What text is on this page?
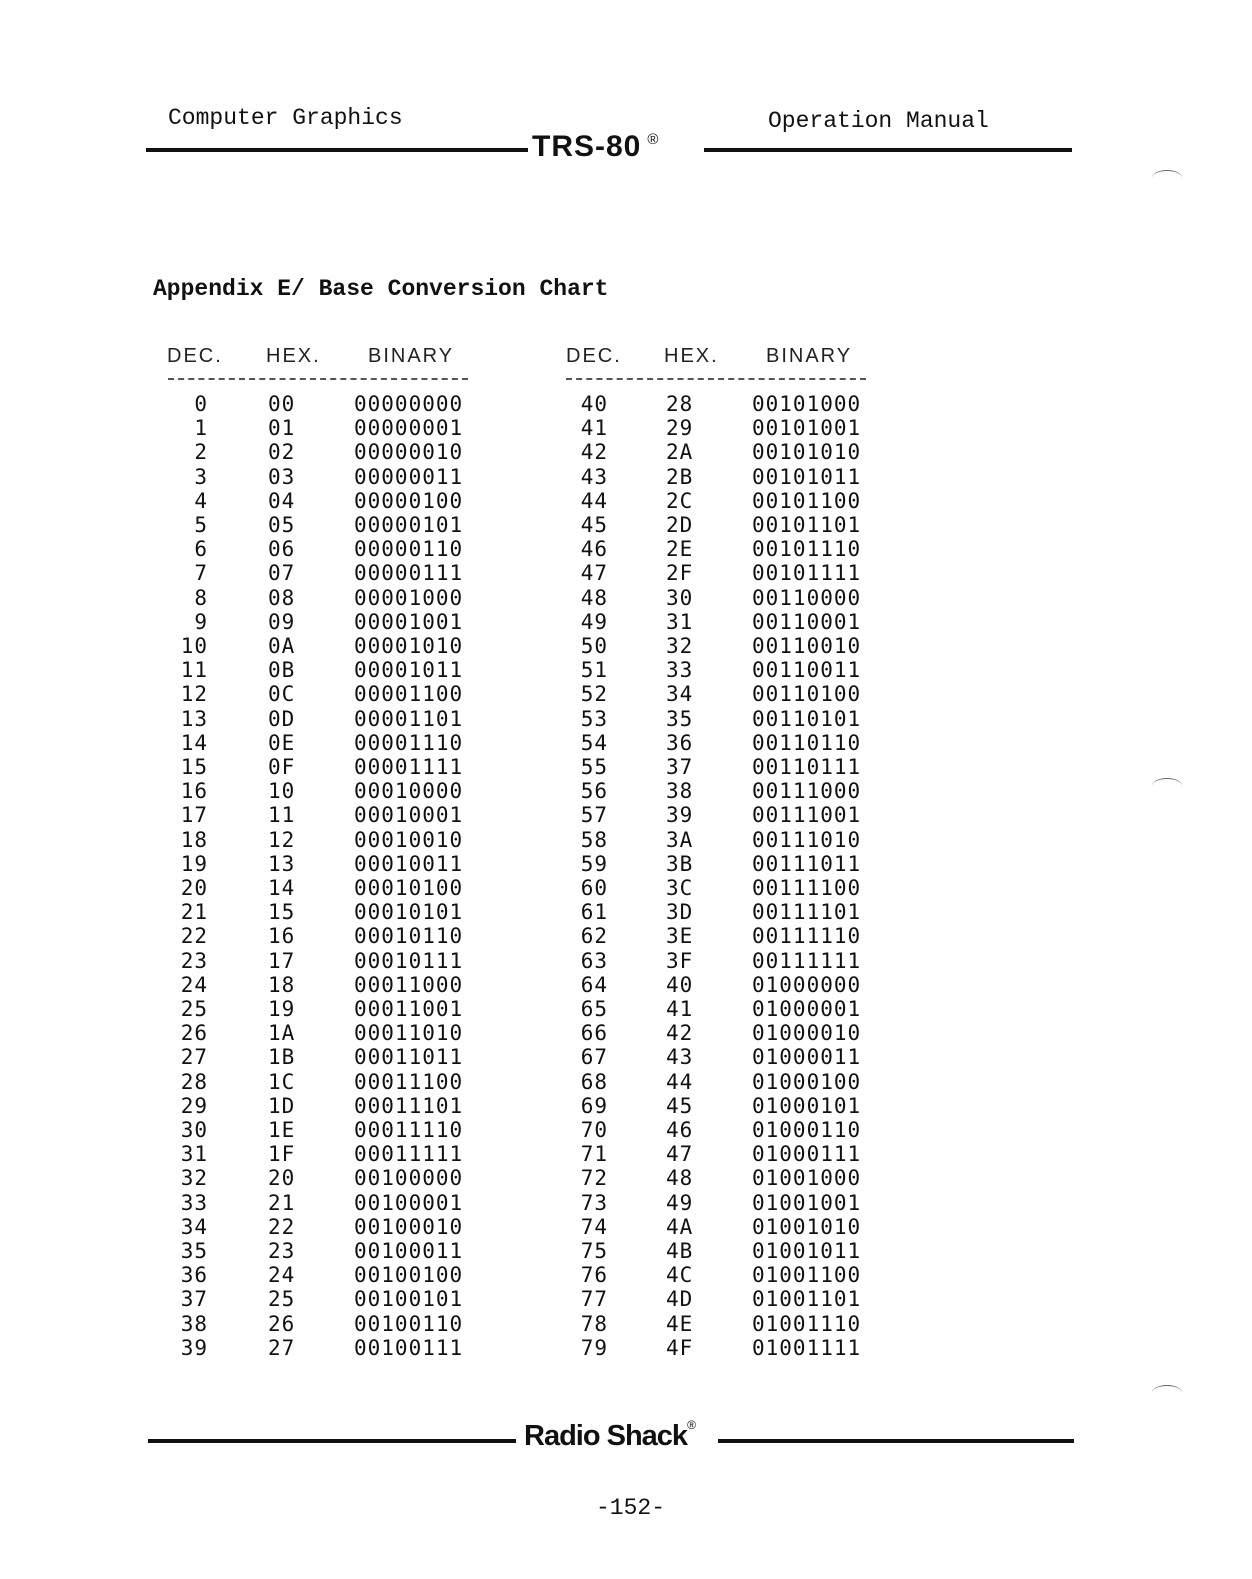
Computer Graphics	Operation Manual
TRS-80 ®
Appendix E/ Base Conversion Chart
DEC. HEX. BINARY	DEC. HEX. BINARY
0	00	00000000
1	01	00000001
2	02	00000010
3	03	00000011
4	04	00000100
5	05	00000101
6	06	00000110
7	07	00000111
8	08	00001000
9	09	00001001
10	0A	00001010
11	0B	00001011
12	0C	00001100
13	0D	00001101
14	0E	00001110
15	0F	00001111
16	10	00010000
17	11	00010001
18	12	00010010
19	13	00010011
20	14	00010100
21	15	00010101
22	16	00010110
23	17	00010111
24	18	00011000
25	19	00011001
26	1A	00011010
27	1B	00011011
28	1C	00011100
29	1D	00011101
30	1E	00011110
31	1F	00011111
32	20	00100000
33	21	00100001
34	22	00100010
35	23	00100011
36	24	00100100
37	25	00100101
38	26	00100110
39	27	00100111
40	28	00101000
41	29	00101001
42	2A	00101010
43	2B	00101011
44	2C	00101100
45	2D	00101101
46	2E	00101110
47	2F	00101111
48	30	00110000
49	31	00110001
50	32	00110010
51	33	00110011
52	34	00110100
53	35	00110101
54	36	00110110
55	37	00110111
56	38	00111000
57	39	00111001
58	3A	00111010
59	3B	00111011
60	3C	00111100
61	3D	00111101
62	3E	00111110
63	3F	00111111
64	40	01000000
65	41	01000001
66	42	01000010
67	43	01000011
68	44	01000100
69	45	01000101
70	46	01000110
71	47	01000111
72	48	01001000
73	49	01001001
74	4A	01001010
75	4B	01001011
76	4C	01001100
77	4D	01001101
78	4E	01001110
79	4F	01001111
Radio Shack®
-152-
